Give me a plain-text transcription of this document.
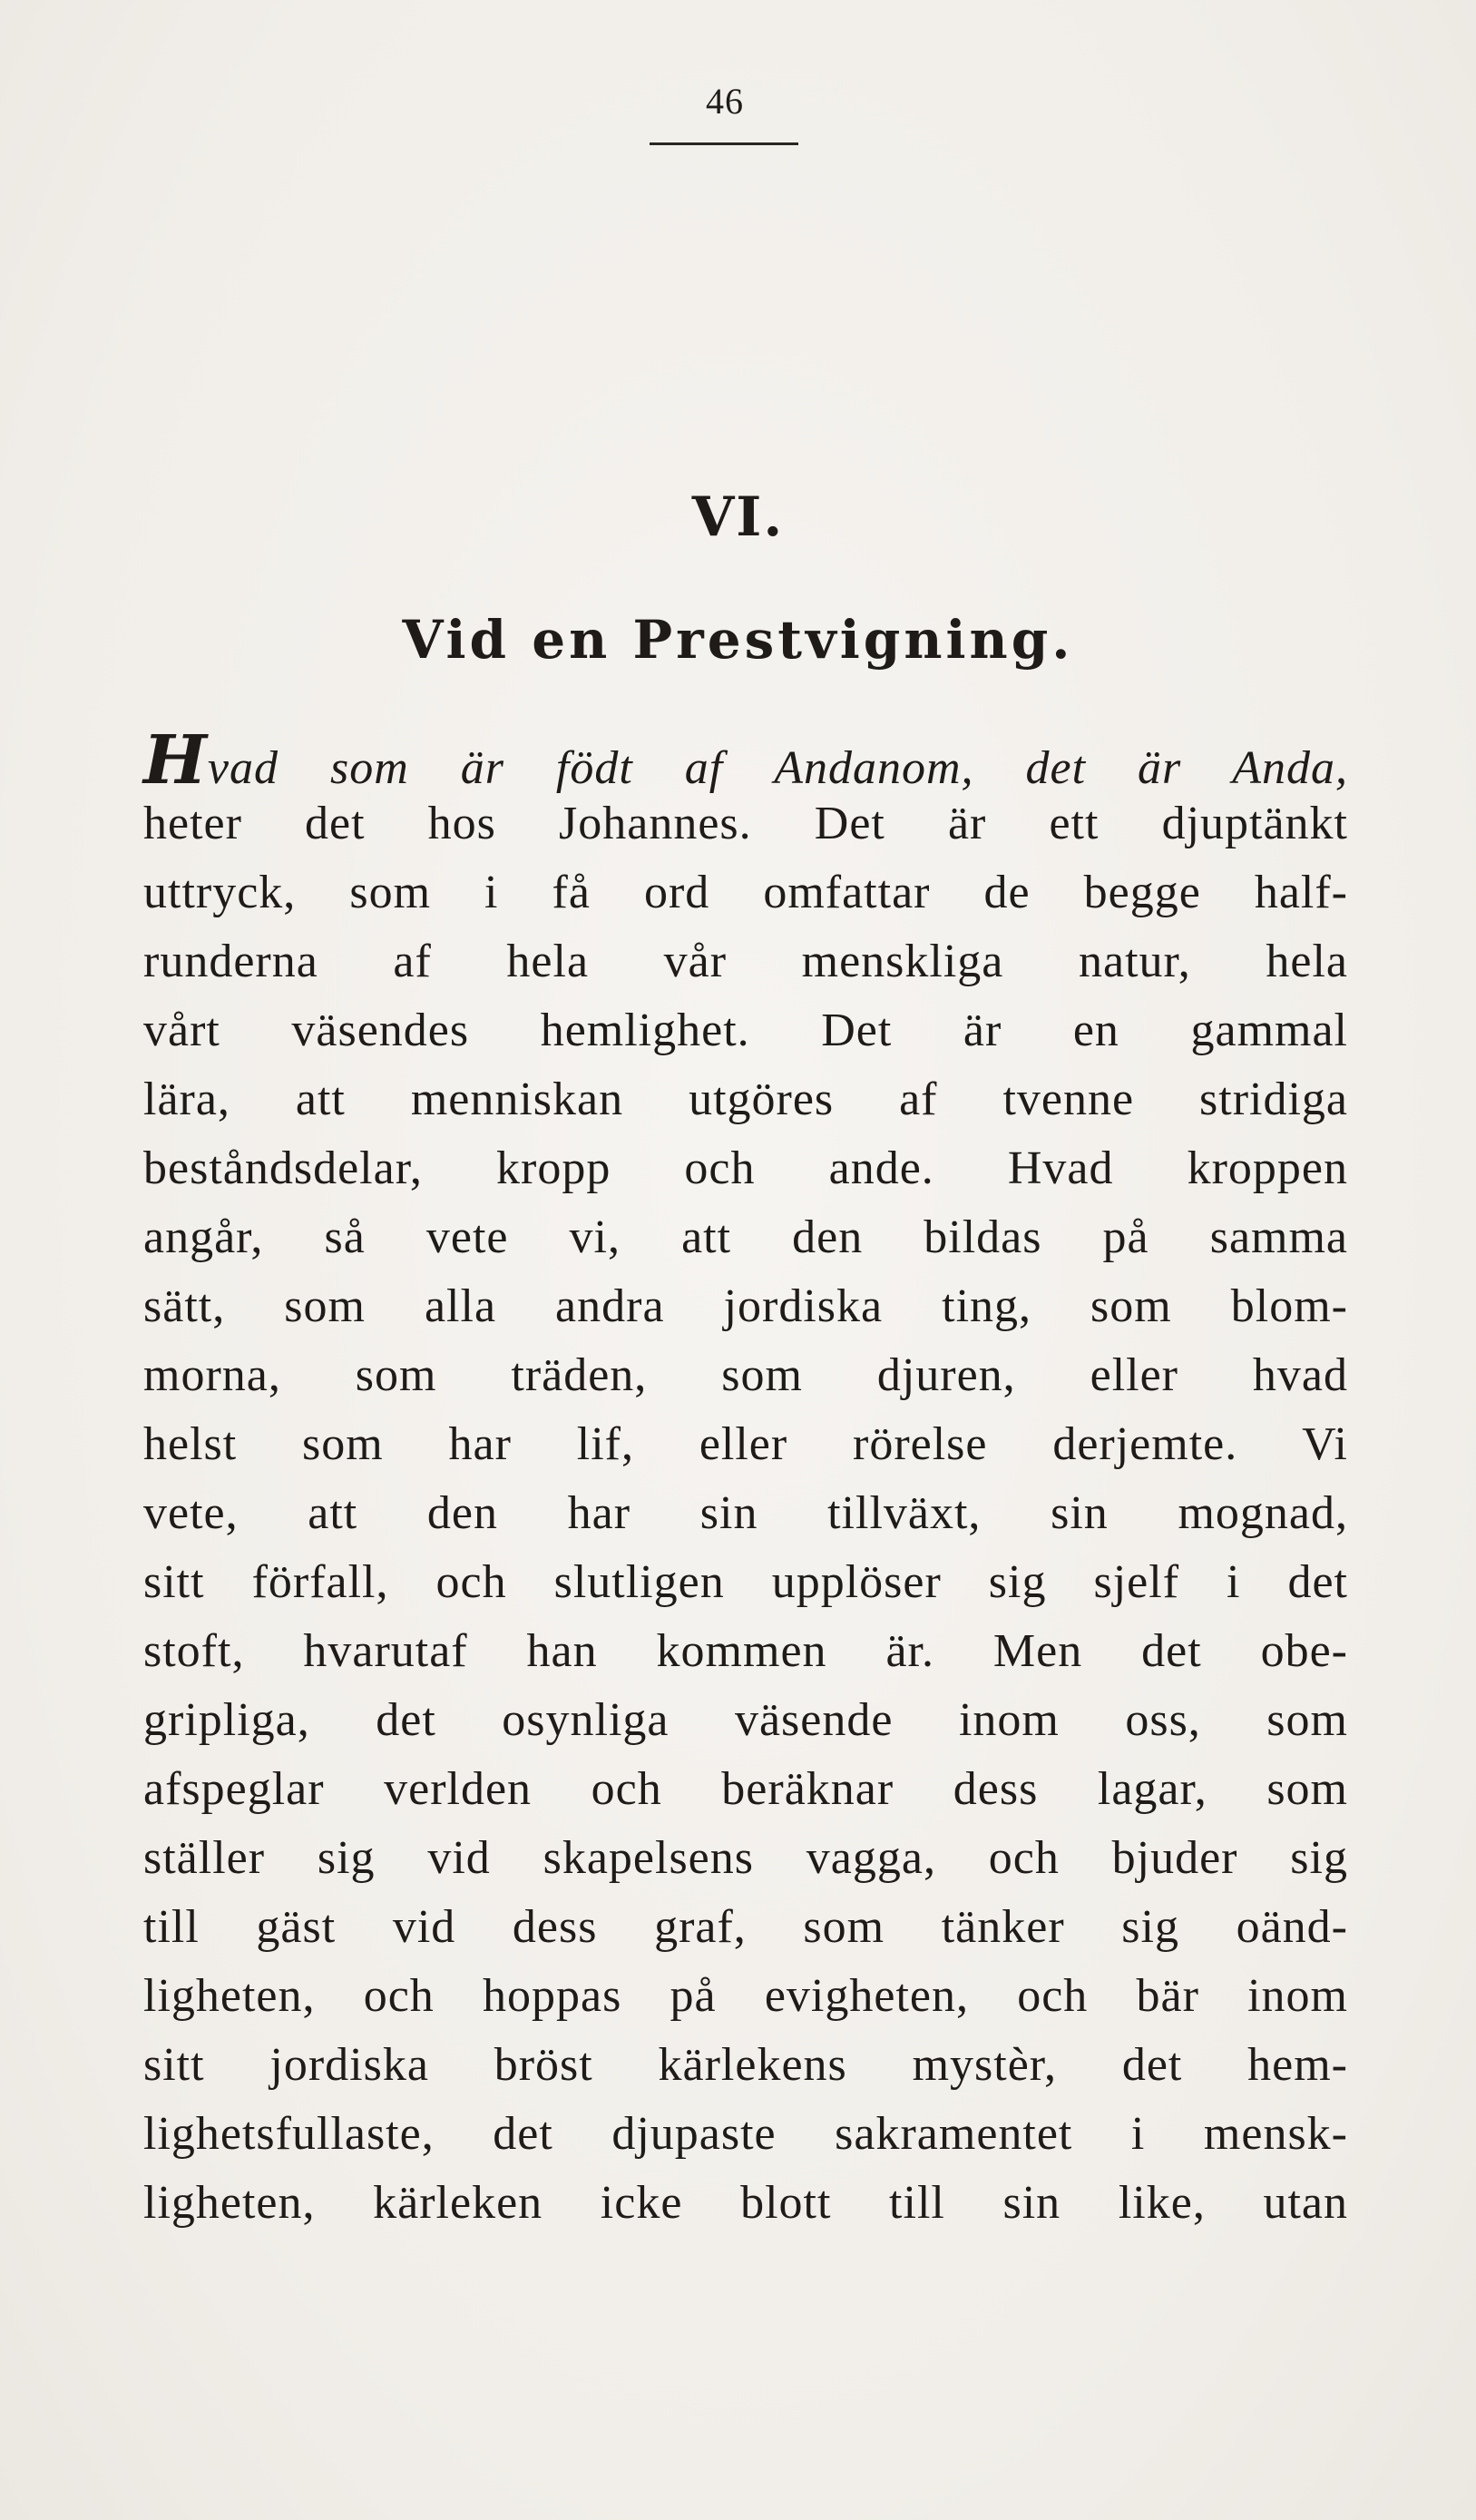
46
VI.
Vid en Prestvigning.
Hvad som är födt af Andanom, det är Anda,
heter det hos Johannes. Det är ett djuptänkt
uttryck, som i få ord omfattar de begge half-
runderna af hela vår menskliga natur, hela
vårt väsendes hemlighet. Det är en gammal
lära, att menniskan utgöres af tvenne stridiga
beståndsdelar, kropp och ande. Hvad kroppen
angår, så vete vi, att den bildas på samma
sätt, som alla andra jordiska ting, som blom-
morna, som träden, som djuren, eller hvad
helst som har lif, eller rörelse derjemte. Vi
vete, att den har sin tillväxt, sin mognad,
sitt förfall, och slutligen upplöser sig sjelf i det
stoft, hvarutaf han kommen är. Men det obe-
gripliga, det osynliga väsende inom oss, som
afspeglar verlden och beräknar dess lagar, som
ställer sig vid skapelsens vagga, och bjuder sig
till gäst vid dess graf, som tänker sig oänd-
ligheten, och hoppas på evigheten, och bär inom
sitt jordiska bröst kärlekens mystèr, det hem-
lighetsfullaste, det djupaste sakramentet i mensk-
ligheten, kärleken icke blott till sin like, utan
